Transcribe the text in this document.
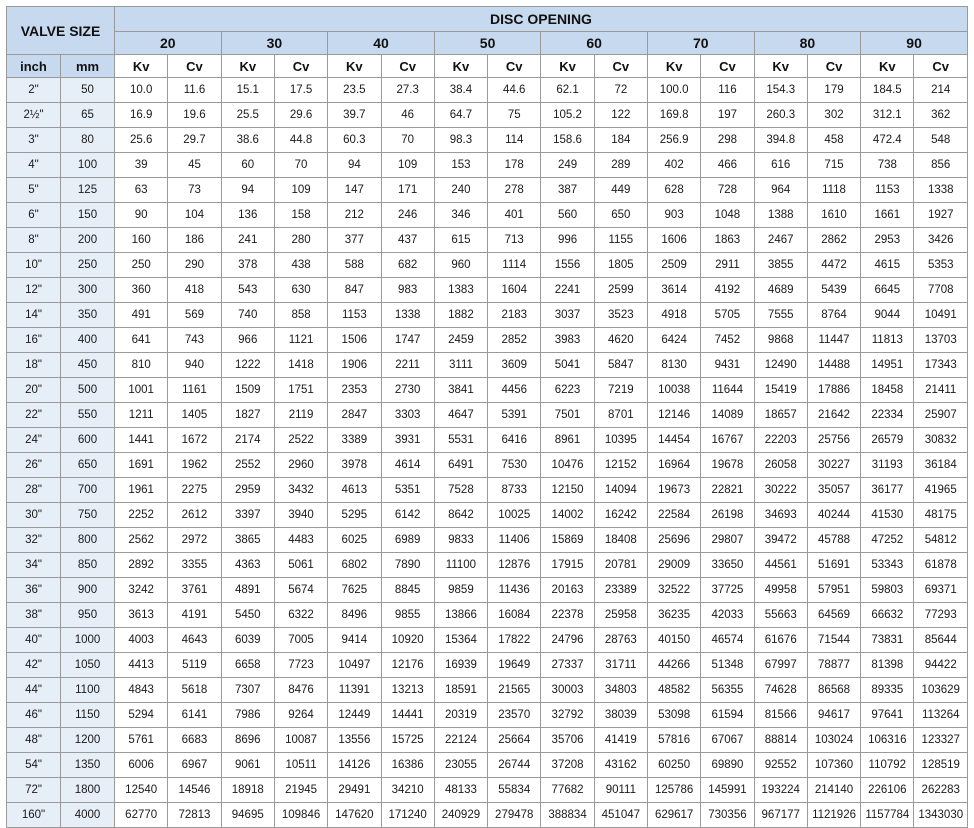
VALVE SIZE		DISC OPENING															
		20		30		40		50		60		70		80		90	
inch	mm	Kv	Cv	Kv	Cv	Kv	Cv	Kv	Cv	Kv	Cv	Kv	Cv	Kv	Cv	Kv	Cv
2"	50	10.0	11.6	15.1	17.5	23.5	27.3	38.4	44.6	62.1	72	100.0	116	154.3	179	184.5	214
2½"	65	16.9	19.6	25.5	29.6	39.7	46	64.7	75	105.2	122	169.8	197	260.3	302	312.1	362
3"	80	25.6	29.7	38.6	44.8	60.3	70	98.3	114	158.6	184	256.9	298	394.8	458	472.4	548
4"	100	39	45	60	70	94	109	153	178	249	289	402	466	616	715	738	856
5"	125	63	73	94	109	147	171	240	278	387	449	628	728	964	1118	1153	1338
6"	150	90	104	136	158	212	246	346	401	560	650	903	1048	1388	1610	1661	1927
8"	200	160	186	241	280	377	437	615	713	996	1155	1606	1863	2467	2862	2953	3426
10"	250	250	290	378	438	588	682	960	1114	1556	1805	2509	2911	3855	4472	4615	5353
12"	300	360	418	543	630	847	983	1383	1604	2241	2599	3614	4192	4689	5439	6645	7708
14"	350	491	569	740	858	1153	1338	1882	2183	3037	3523	4918	5705	7555	8764	9044	10491
16"	400	641	743	966	1121	1506	1747	2459	2852	3983	4620	6424	7452	9868	11447	11813	13703
18"	450	810	940	1222	1418	1906	2211	3111	3609	5041	5847	8130	9431	12490	14488	14951	17343
20"	500	1001	1161	1509	1751	2353	2730	3841	4456	6223	7219	10038	11644	15419	17886	18458	21411
22"	550	1211	1405	1827	2119	2847	3303	4647	5391	7501	8701	12146	14089	18657	21642	22334	25907
24"	600	1441	1672	2174	2522	3389	3931	5531	6416	8961	10395	14454	16767	22203	25756	26579	30832
26"	650	1691	1962	2552	2960	3978	4614	6491	7530	10476	12152	16964	19678	26058	30227	31193	36184
28"	700	1961	2275	2959	3432	4613	5351	7528	8733	12150	14094	19673	22821	30222	35057	36177	41965
30"	750	2252	2612	3397	3940	5295	6142	8642	10025	14002	16242	22584	26198	34693	40244	41530	48175
32"	800	2562	2972	3865	4483	6025	6989	9833	11406	15869	18408	25696	29807	39472	45788	47252	54812
34"	850	2892	3355	4363	5061	6802	7890	11100	12876	17915	20781	29009	33650	44561	51691	53343	61878
36"	900	3242	3761	4891	5674	7625	8845	9859	11436	20163	23389	32522	37725	49958	57951	59803	69371
38"	950	3613	4191	5450	6322	8496	9855	13866	16084	22378	25958	36235	42033	55663	64569	66632	77293
40"	1000	4003	4643	6039	7005	9414	10920	15364	17822	24796	28763	40150	46574	61676	71544	73831	85644
42"	1050	4413	5119	6658	7723	10497	12176	16939	19649	27337	31711	44266	51348	67997	78877	81398	94422
44"	1100	4843	5618	7307	8476	11391	13213	18591	21565	30003	34803	48582	56355	74628	86568	89335	103629
46"	1150	5294	6141	7986	9264	12449	14441	20319	23570	32792	38039	53098	61594	81566	94617	97641	113264
48"	1200	5761	6683	8696	10087	13556	15725	22124	25664	35706	41419	57816	67067	88814	103024	106316	123327
54"	1350	6006	6967	9061	10511	14126	16386	23055	26744	37208	43162	60250	69890	92552	107360	110792	128519
72"	1800	12540	14546	18918	21945	29491	34210	48133	55834	77682	90111	125786	145991	193224	214140	226106	262283
160"	4000	62770	72813	94695	109846	147620	171240	240929	279478	388834	451047	629617	730356	967177	1121926	1157784	1343030
